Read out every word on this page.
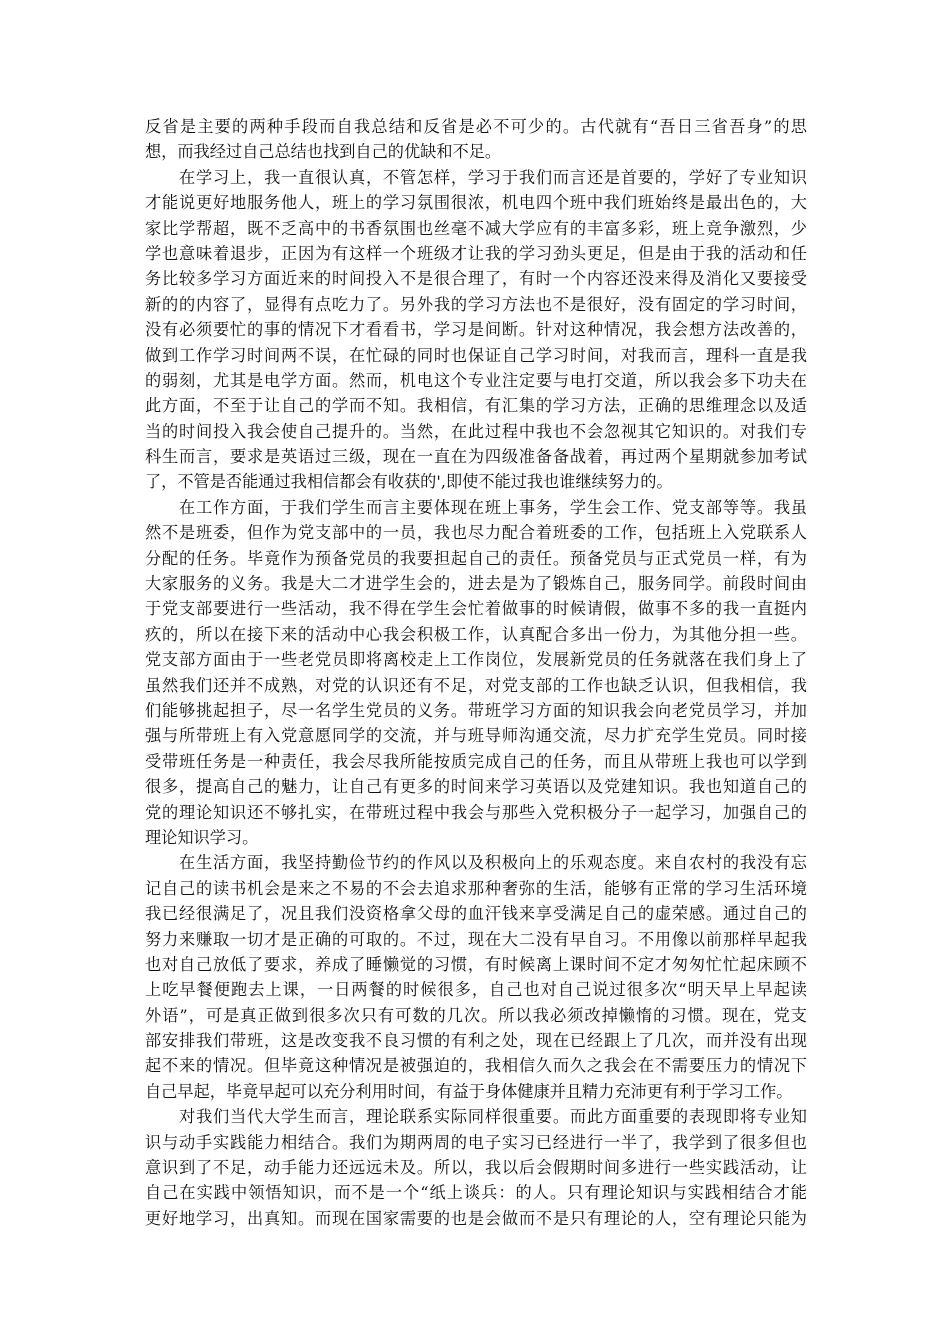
反省是主要的两种手段而自我总结和反省是必不可少的。古代就有“吾日三省吾身”的思
想，而我经过自己总结也找到自己的优缺和不足。
在学习上，我一直很认真，不管怎样，学习于我们而言还是首要的，学好了专业知识
才能说更好地服务他人，班上的学习氛围很浓，机电四个班中我们班始终是最出色的，大
家比学帮超，既不乏高中的书香氛围也丝毫不减大学应有的丰富多彩，班上竞争激烈，少
学也意味着退步，正因为有这样一个班级才让我的学习劲头更足，但是由于我的活动和任
务比较多学习方面近来的时间投入不是很合理了，有时一个内容还没来得及消化又要接受
新的的内容了，显得有点吃力了。另外我的学习方法也不是很好，没有固定的学习时间，
没有必须要忙的事的情况下才看看书，学习是间断。针对这种情况，我会想方法改善的，
做到工作学习时间两不误，在忙碌的同时也保证自己学习时间，对我而言，理科一直是我
的弱刻，尤其是电学方面。然而，机电这个专业注定要与电打交道，所以我会多下功夫在
此方面，不至于让自己的学而不知。我相信，有汇集的学习方法，正确的思维理念以及适
当的时间投入我会使自己提升的。当然，在此过程中我也不会忽视其它知识的。对我们专
科生而言，要求是英语过三级，现在一直在为四级准备备战着，再过两个星期就参加考试
了，不管是否能通过我相信都会有收获的',即使不能过我也谁继续努力的。
在工作方面，于我们学生而言主要体现在班上事务，学生会工作、党支部等等。我虽
然不是班委，但作为党支部中的一员，我也尽力配合着班委的工作，包括班上入党联系人
分配的任务。毕竟作为预备党员的我要担起自己的责任。预备党员与正式党员一样，有为
大家服务的义务。我是大二才进学生会的，进去是为了锻炼自己，服务同学。前段时间由
于党支部要进行一些活动，我不得在学生会忙着做事的时候请假，做事不多的我一直挺内
疚的，所以在接下来的活动中心我会积极工作，认真配合多出一份力，为其他分担一些。
党支部方面由于一些老党员即将离校走上工作岗位，发展新党员的任务就落在我们身上了
虽然我们还并不成熟，对党的认识还有不足，对党支部的工作也缺乏认识，但我相信，我
们能够挑起担子，尽一名学生党员的义务。带班学习方面的知识我会向老党员学习，并加
强与所带班上有入党意愿同学的交流，并与班导师沟通交流，尽力扩充学生党员。同时接
受带班任务是一种责任，我会尽我所能按质完成自己的任务，而且从带班上我也可以学到
很多，提高自己的魅力，让自己有更多的时间来学习英语以及党建知识。我也知道自己的
党的理论知识还不够扎实，在带班过程中我会与那些入党积极分子一起学习，加强自己的
理论知识学习。
在生活方面，我坚持勤俭节约的作风以及积极向上的乐观态度。来自农村的我没有忘
记自己的读书机会是来之不易的不会去追求那种奢弥的生活，能够有正常的学习生活环境
我已经很满足了，况且我们没资格拿父母的血汗钱来享受满足自己的虚荣感。通过自己的
努力来赚取一切才是正确的可取的。不过，现在大二没有早自习。不用像以前那样早起我
也对自己放低了要求，养成了睡懒觉的习惯，有时候离上课时间不定才匆匆忙忙起床顾不
上吃早餐便跑去上课，一日两餐的时候很多，自己也对自己说过很多次“明天早上早起读
外语”，可是真正做到很多次只有可数的几次。所以我必须改掉懒惰的习惯。现在，党支
部安排我们带班，这是改变我不良习惯的有利之处，现在已经跟上了几次，而并没有出现
起不来的情况。但毕竟这种情况是被强迫的，我相信久而久之我会在不需要压力的情况下
自己早起，毕竟早起可以充分利用时间，有益于身体健康并且精力充沛更有利于学习工作。
对我们当代大学生而言，理论联系实际同样很重要。而此方面重要的表现即将专业知
识与动手实践能力相结合。我们为期两周的电子实习已经进行一半了，我学到了很多但也
意识到了不足，动手能力还远远未及。所以，我以后会假期时间多进行一些实践活动，让
自己在实践中领悟知识，而不是一个“纸上谈兵：的人。只有理论知识与实践相结合才能
更好地学习，出真知。而现在国家需要的也是会做而不是只有理论的人，空有理论只能为
